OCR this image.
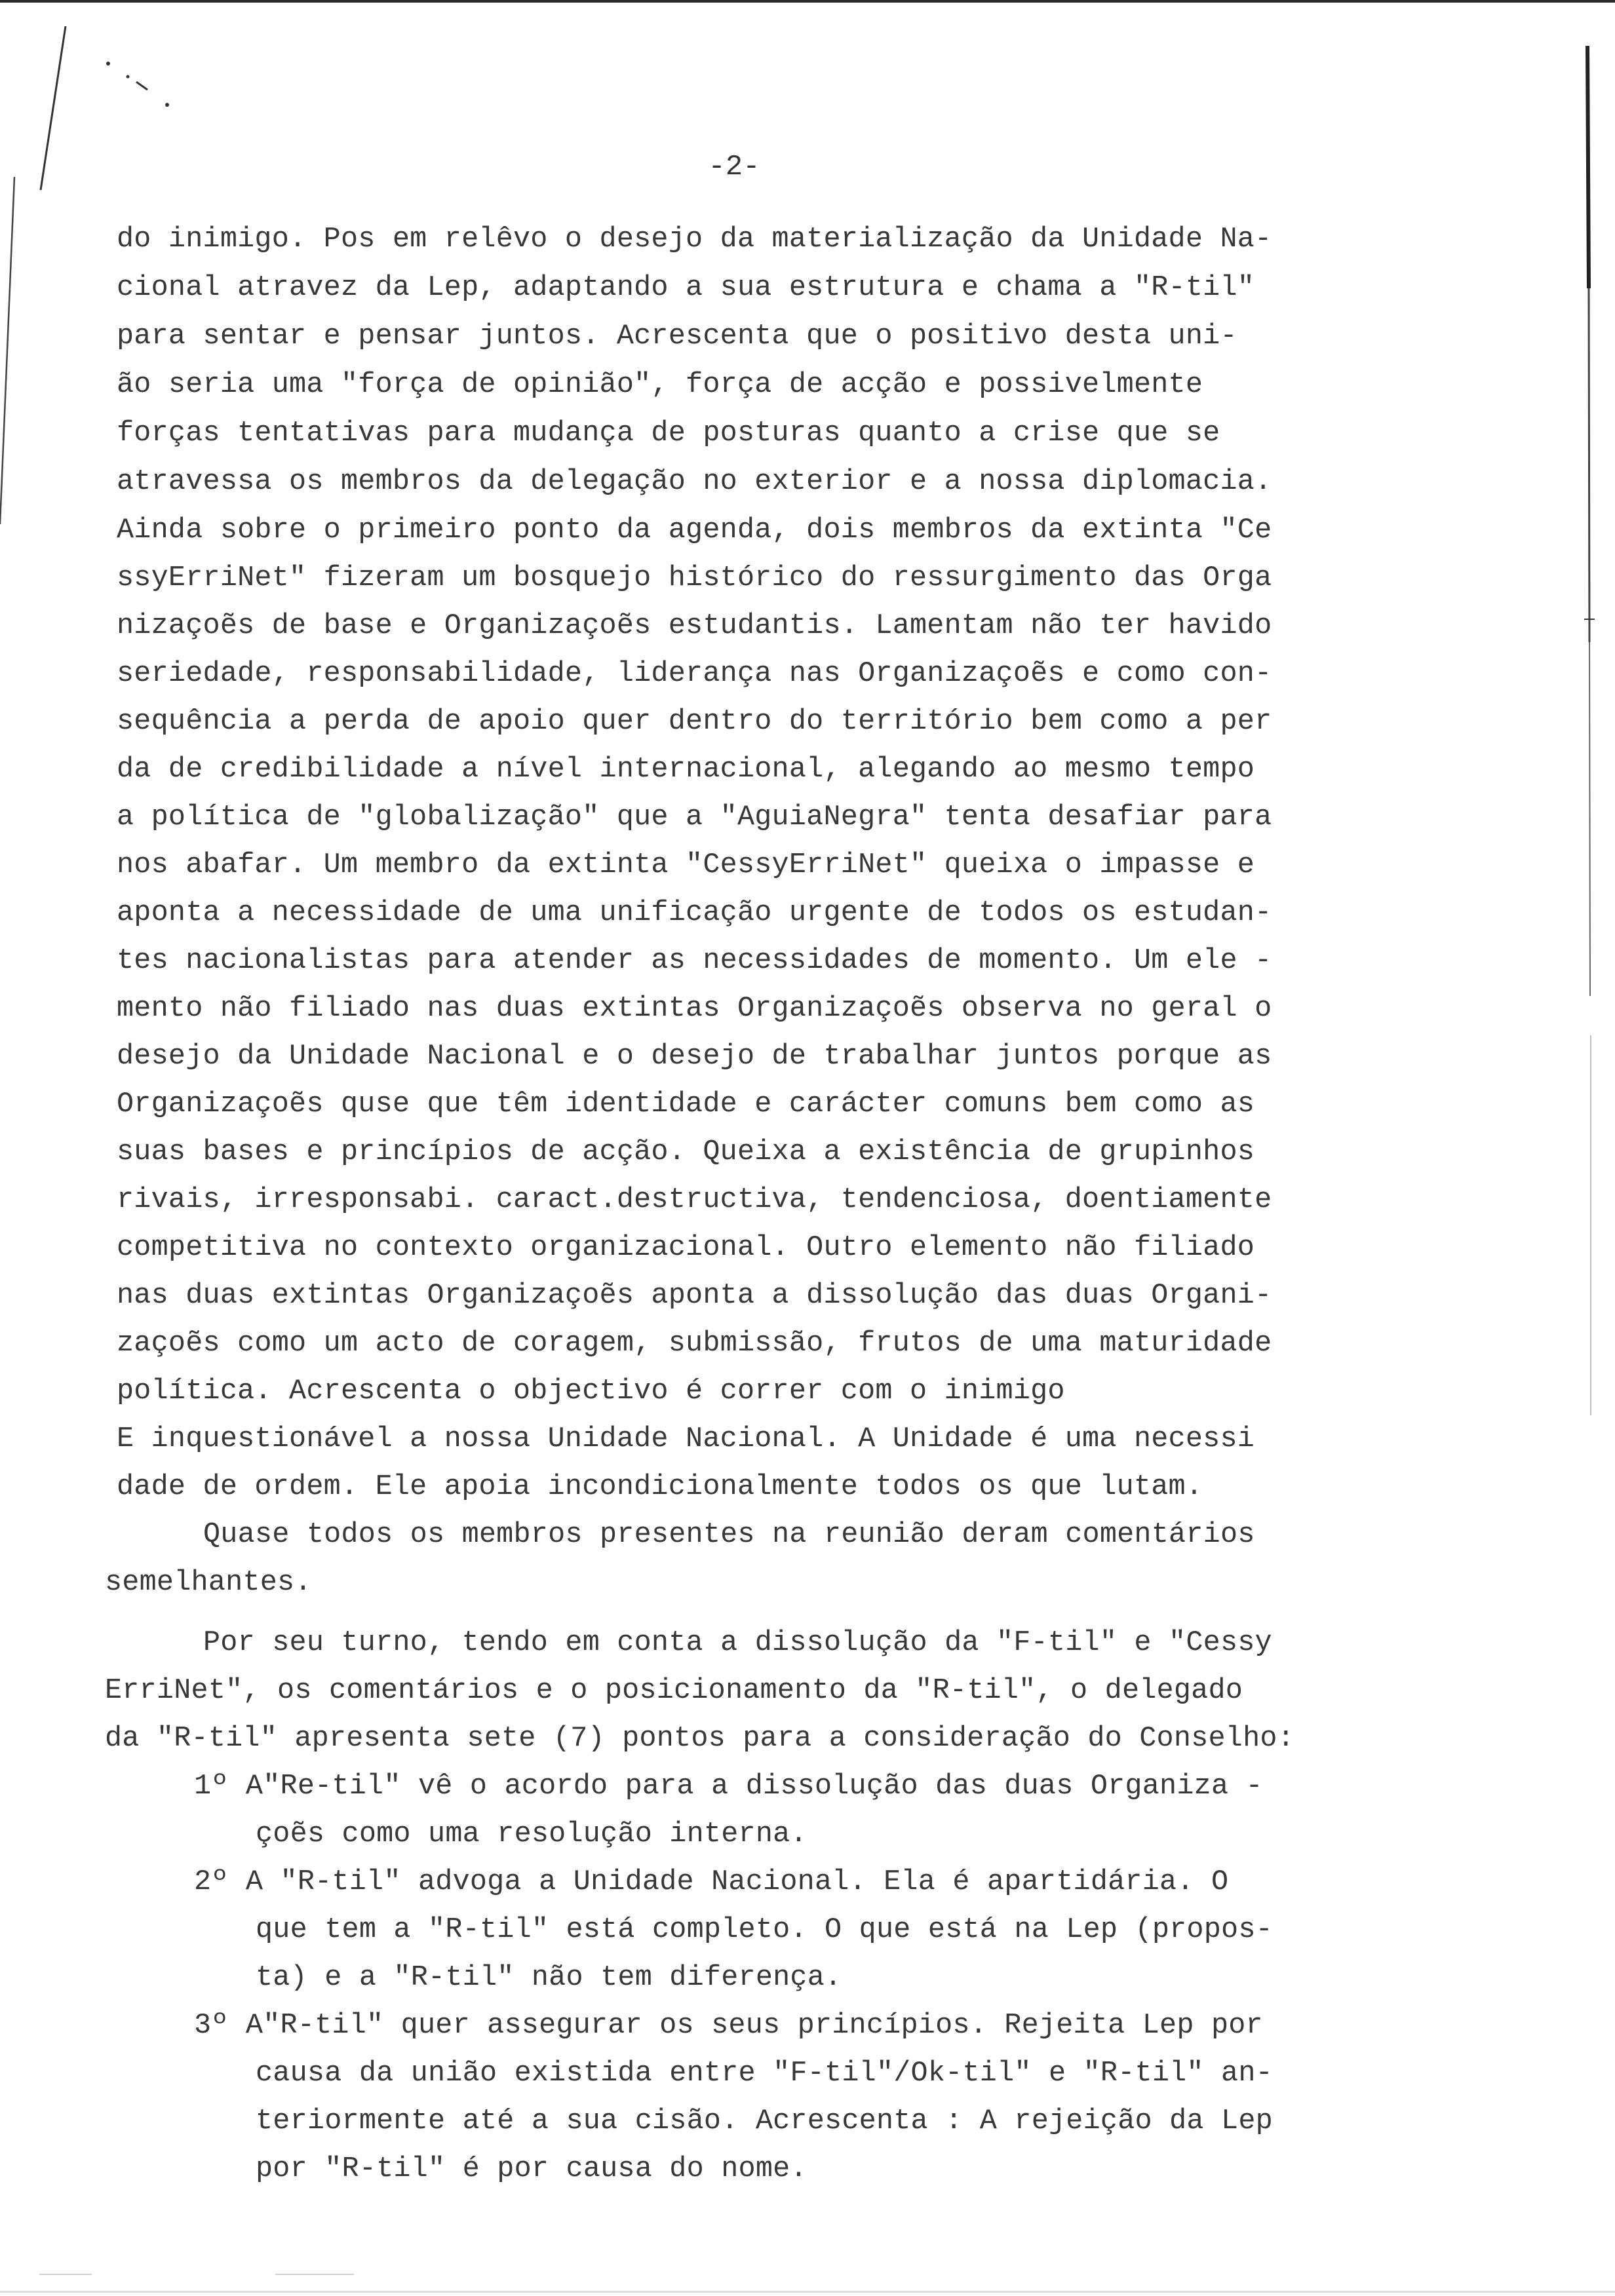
-2-
do inimigo. Pos em relêvo o desejo da materialização da Unidade Na-
cional atravez da Lep, adaptando a sua estrutura e chama a "R-til"
para sentar e pensar juntos. Acrescenta que o positivo desta uni-
ão seria uma "força de opinião", força de acção e possivelmente
forças tentativas para mudança de posturas quanto a crise que se
atravessa os membros da delegação no exterior e a nossa diplomacia.
Ainda sobre o primeiro ponto da agenda, dois membros da extinta "Ce
ssyErriNet" fizeram um bosquejo histórico do ressurgimento das Orga
nizaçoẽs de base e Organizaçoẽs estudantis. Lamentam não ter havido
seriedade, responsabilidade, liderança nas Organizaçoẽs e como con-
sequência a perda de apoio quer dentro do território bem como a per
da de credibilidade a nível internacional, alegando ao mesmo tempo
a política de "globalização" que a "AguiaNegra" tenta desafiar para
nos abafar. Um membro da extinta "CessyErriNet" queixa o impasse e
aponta a necessidade de uma unificação urgente de todos os estudan-
tes nacionalistas para atender as necessidades de momento. Um ele -
mento não filiado nas duas extintas Organizaçoẽs observa no geral o
desejo da Unidade Nacional e o desejo de trabalhar juntos porque as
Organizaçoẽs quse que têm identidade e carácter comuns bem como as
suas bases e princípios de acção. Queixa a existência de grupinhos
rivais, irresponsabi. caract.destructiva, tendenciosa, doentiamente
competitiva no contexto organizacional. Outro elemento não filiado
nas duas extintas Organizaçoẽs aponta a dissolução das duas Organi-
zaçoẽs como um acto de coragem, submissão, frutos de uma maturidade
política. Acrescenta o objectivo é correr com o inimigo
E inquestionável a nossa Unidade Nacional. A Unidade é uma necessi
dade de ordem. Ele apoia incondicionalmente todos os que lutam.
Quase todos os membros presentes na reunião deram comentários
semelhantes.
Por seu turno, tendo em conta a dissolução da "F-til" e "Cessy
ErriNet", os comentários e o posicionamento da "R-til", o delegado
da "R-til" apresenta sete (7) pontos para a consideração do Conselho:
1º A"Re-til" vê o acordo para a dissolução das duas Organiza -
çoẽs como uma resolução interna.
2º A "R-til" advoga a Unidade Nacional. Ela é apartidária. O
que tem a "R-til" está completo. O que está na Lep (propos-
ta) e a "R-til" não tem diferença.
3º A"R-til" quer assegurar os seus princípios. Rejeita Lep por
causa da união existida entre "F-til"/Ok-til" e "R-til" an-
teriormente até a sua cisão. Acrescenta : A rejeição da Lep
por "R-til" é por causa do nome.
